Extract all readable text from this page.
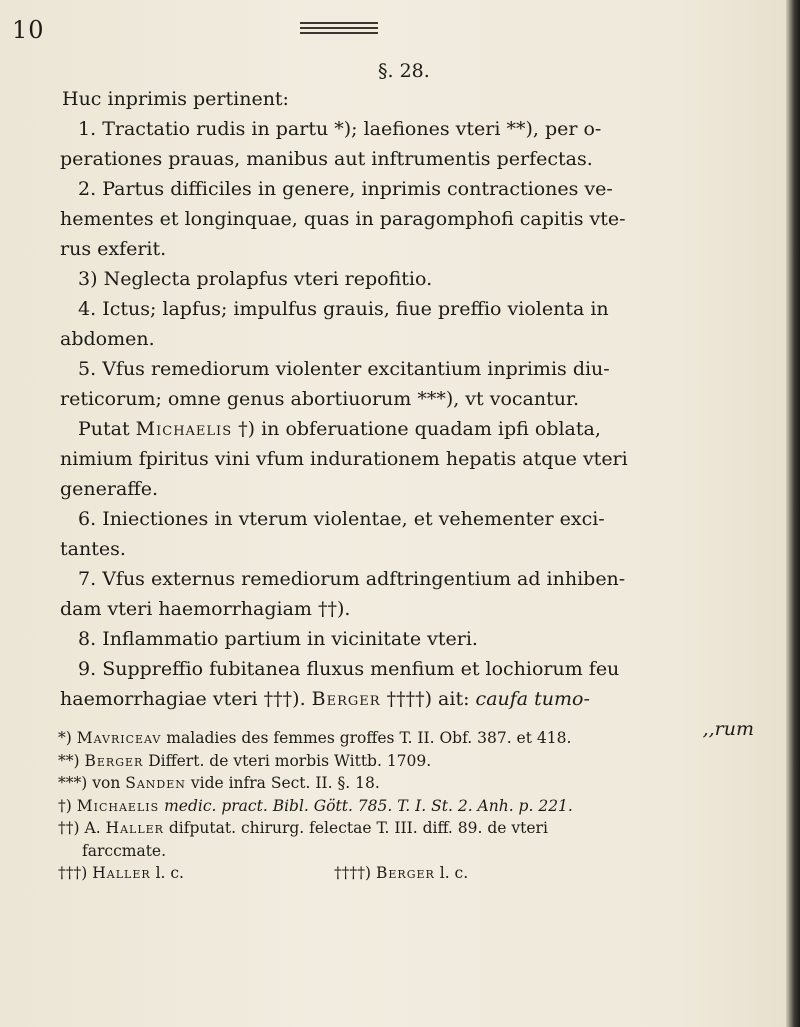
10
§. 28.

Huc inprimis pertinent:

1. Tractatio rudis in partu *); laefiones vteri **), per o-

perationes prauas, manibus aut inftrumentis perfectas.

2. Partus difficiles in genere, inprimis contractiones ve-

hementes et longinquae, quas in paragomphofi capitis vte-

rus exferit.

3) Neglecta prolapfus vteri repofitio.

4. Ictus; lapfus; impulfus grauis, fiue preffio violenta in

abdomen.

5. Vfus remediorum violenter excitantium inprimis diu-

reticorum; omne genus abortiuorum ***), vt vocantur.

Putat Michaelis †) in obferuatione quadam ipfi oblata,

nimium fpiritus vini vfum indurationem hepatis atque vteri

generaffe.

6. Iniectiones in vterum violentae, et vehementer exci-

tantes.

7. Vfus externus remediorum adftringentium ad inhiben-

dam vteri haemorrhagiam ††).

8. Inflammatio partium in vicinitate vteri.

9. Suppreffio fubitanea fluxus menfium et lochiorum feu

haemorrhagiae vteri †††). Berger ††††) ait: caufa tumo-

,,rum

*) Mavriceav maladies des femmes groffes T. II. Obf. 387. et 418.

**) Berger Differt. de vteri morbis Wittb. 1709.

***) von Sanden vide infra Sect. II. §. 18.

†) Michaelis medic. pract. Bibl. Gött. 785. T. I. St. 2. Anh. p. 221.

††) A. Haller difputat. chirurg. felectae T. III. diff. 89. de vteri

farccmate.

†††) Haller l. c.	††††) Berger l. c.
